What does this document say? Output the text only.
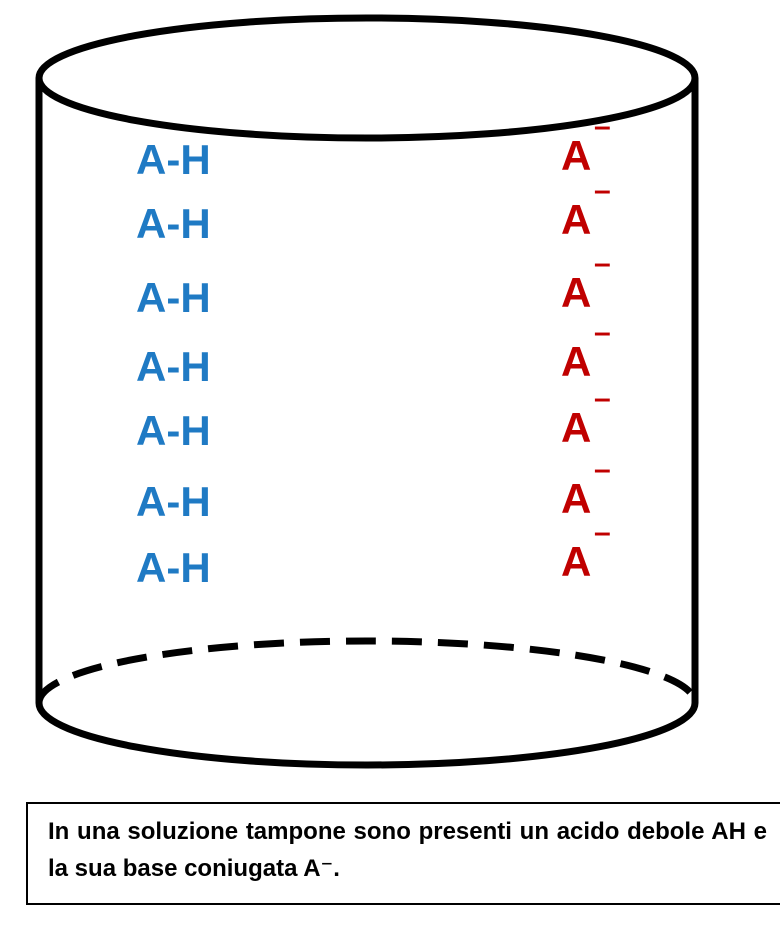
A-H
A-H
A-H
A-H
A-H
A-H
A-H
A
–
A
–
A
–
A
–
A
–
A
–
A
–

In una soluzione tampone sono presenti un acido debole AH e la sua base coniugata A⁻.
